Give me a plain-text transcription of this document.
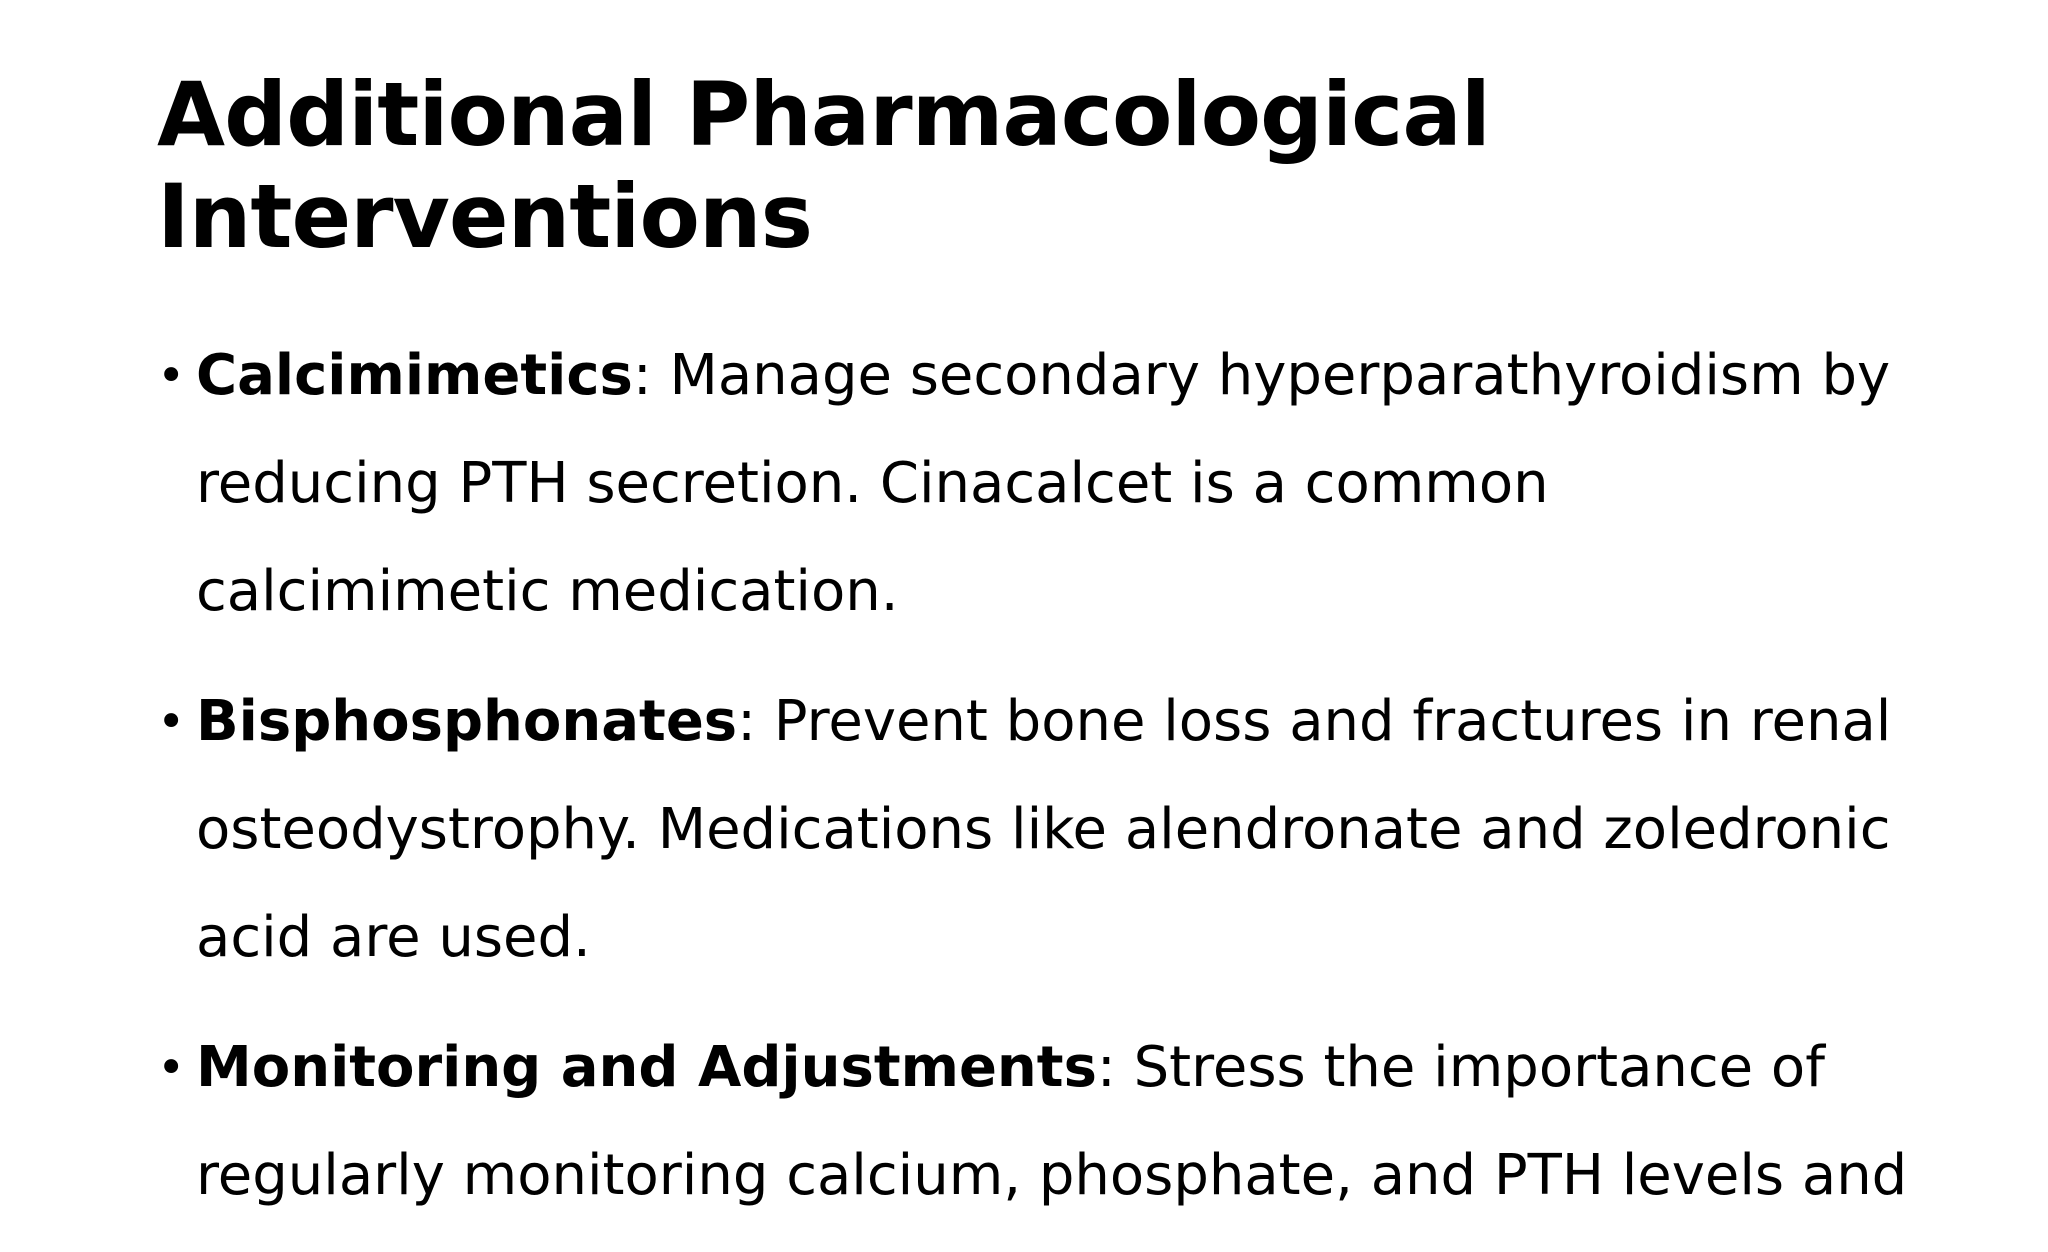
Additional Pharmacological Interventions
• Calcimimetics: Manage secondary hyperparathyroidism by reducing PTH secretion. Cinacalcet is a common calcimimetic medication.
• Bisphosphonates: Prevent bone loss and fractures in renal osteodystrophy. Medications like alendronate and zoledronic acid are used.
• Monitoring and Adjustments: Stress the importance of regularly monitoring calcium, phosphate, and PTH levels and
